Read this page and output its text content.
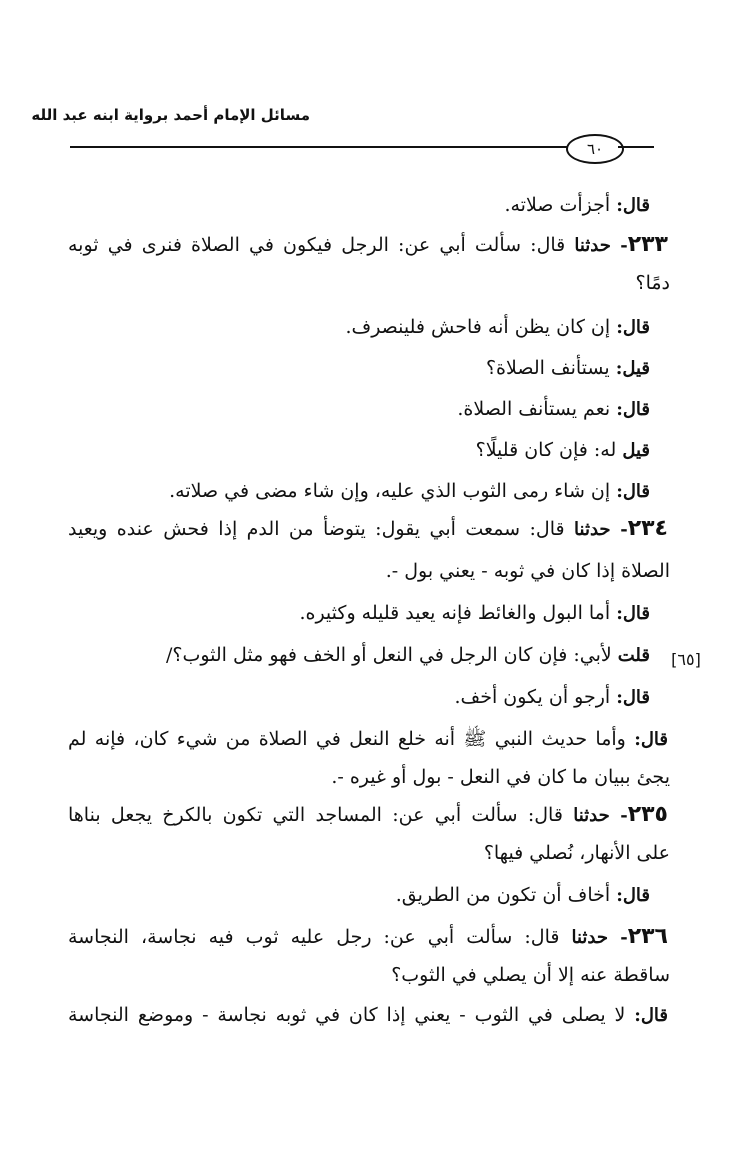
مسائل الإمام أحمد برواية ابنه عبد الله
٦٠
[٦٥]
قال: أجزأت صلاته.
٢٣٣- حدثنا قال: سألت أبي عن: الرجل فيكون في الصلاة فنرى في ثوبه
دمًا؟
قال: إن كان يظن أنه فاحش فلينصرف.
قيل: يستأنف الصلاة؟
قال: نعم يستأنف الصلاة.
قيل له: فإن كان قليلًا؟
قال: إن شاء رمى الثوب الذي عليه، وإن شاء مضى في صلاته.
٢٣٤- حدثنا قال: سمعت أبي يقول: يتوضأ من الدم إذا فحش عنده ويعيد
الصلاة إذا كان في ثوبه - يعني بول -.
قال: أما البول والغائط فإنه يعيد قليله وكثيره.
قلت لأبي: فإن كان الرجل في النعل أو الخف فهو مثل الثوب؟/
قال: أرجو أن يكون أخف.
قال: وأما حديث النبي ﷺ أنه خلع النعل في الصلاة من شيء كان، فإنه لم
يجئ ببيان ما كان في النعل - بول أو غيره -.
٢٣٥- حدثنا قال: سألت أبي عن: المساجد التي تكون بالكرخ يجعل بناها
على الأنهار، نُصلي فيها؟
قال: أخاف أن تكون من الطريق.
٢٣٦- حدثنا قال: سألت أبي عن: رجل عليه ثوب فيه نجاسة، النجاسة
ساقطة عنه إلا أن يصلي في الثوب؟
قال: لا يصلى في الثوب - يعني إذا كان في ثوبه نجاسة - وموضع النجاسة
